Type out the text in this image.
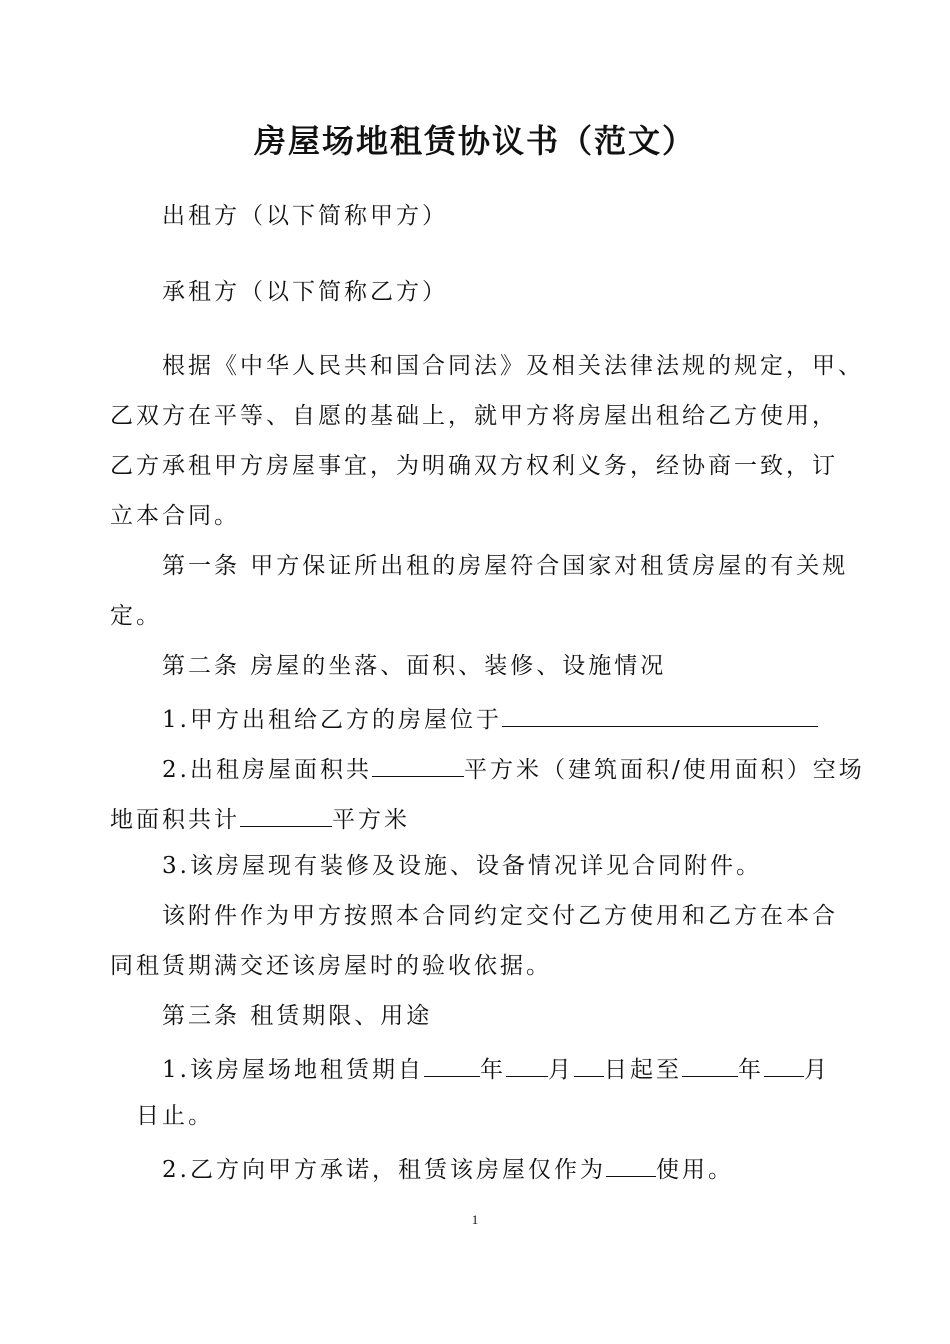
房屋场地租赁协议书（范文）
出租方（以下简称甲方）
承租方（以下简称乙方）
根据《中华人民共和国合同法》及相关法律法规的规定，甲、
乙双方在平等、自愿的基础上，就甲方将房屋出租给乙方使用，
乙方承租甲方房屋事宜，为明确双方权利义务，经协商一致，订
立本合同。
第一条 甲方保证所出租的房屋符合国家对租赁房屋的有关规
定。
第二条 房屋的坐落、面积、装修、设施情况
1.甲方出租给乙方的房屋位于
2.出租房屋面积共	平方米（建筑面积/使用面积）空场
地面积共计	平方米
3.该房屋现有装修及设施、设备情况详见合同附件。
该附件作为甲方按照本合同约定交付乙方使用和乙方在本合
同租赁期满交还该房屋时的验收依据。
第三条 租赁期限、用途
1.该房屋场地租赁期自 年 月 日起至 年 月
日止。
2.乙方向甲方承诺，租赁该房屋仅作为 使用。
1
